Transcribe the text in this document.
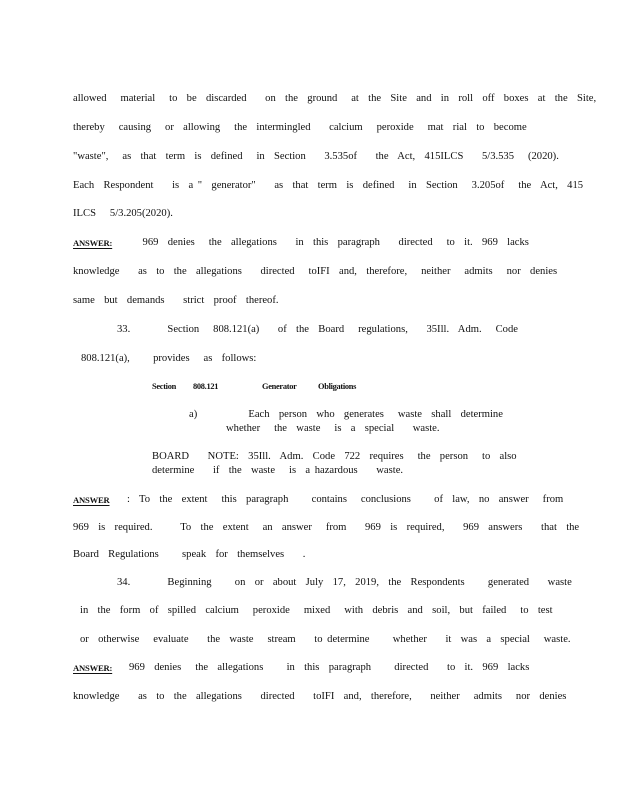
allowed   material   to  be  discarded    on  the  ground   at  the  Site  and  in  roll  off  boxes  at  the  Site,
thereby   causing   or  allowing   the  intermingled    calcium   peroxide   mat  rial  to  become
"waste",   as  that  term  is  defined   in  Section    3.535of    the  Act,  415ILCS    5/3.535   (2020).
Each  Respondent    is  a "  generator"    as  that  term  is  defined   in  Section   3.205of   the  Act,  415
ILCS   5/3.205(2020).
ANSWER:
969  denies   the  allegations    in  this  paragraph    directed   to  it.  969  lacks
knowledge    as  to  the  allegations    directed   toIFI  and,  therefore,   neither   admits   nor  denies
same  but  demands    strict  proof  thereof.
33.        Section   808.121(a)    of  the  Board   regulations,    35Ill.  Adm.   Code
808.121(a),     provides   as  follows:
Section 808.121	Generator	Obligations
a)           Each  person  who  generates   waste  shall  determine
whether   the  waste   is  a  special    waste.
BOARD    NOTE:  35Ill.  Adm.  Code  722  requires   the  person   to  also
determine    if  the  waste   is  a hazardous    waste.
ANSWER :  To  the  extent   this  paragraph     contains   conclusions     of  law,  no  answer   from
969  is  required.      To  the  extent   an  answer   from    969  is  required,    969  answers    that  the
Board  Regulations     speak  for  themselves    .
34.        Beginning     on  or  about  July  17,  2019,  the  Respondents     generated    waste
in  the  form  of  spilled  calcium   peroxide   mixed   with  debris  and  soil,  but  failed   to  test
or  otherwise   evaluate    the  waste   stream    to determine     whether    it  was  a  special   waste.
ANSWER: 969  denies   the  allegations     in  this  paragraph     directed    to  it.  969  lacks
knowledge    as  to  the  allegations    directed    toIFI  and,  therefore,    neither   admits   nor  denies
